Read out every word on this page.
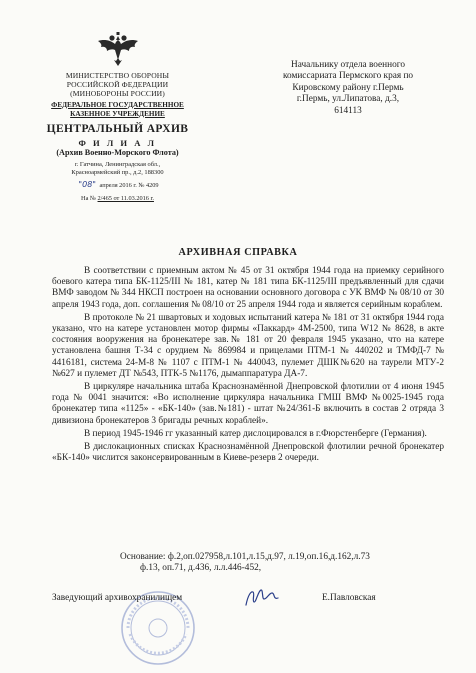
МИНИСТЕРСТВО ОБОРОНЫ
РОССИЙСКОЙ ФЕДЕРАЦИИ
(МИНОБОРОНЫ РОССИИ)
ФЕДЕРАЛЬНОЕ ГОСУДАРСТВЕННОЕ
КАЗЕННОЕ УЧРЕЖДЕНИЕ
ЦЕНТРАЛЬНЫЙ АРХИВ
Ф И Л И А Л
(Архив Военно-Морского Флота)
г. Гатчина, Ленинградская обл.,
Красноармейский пр., д.2, 188300
"08" апреля 2016 г. № 4209
На № 2/465 от 11.03.2016 г.
Начальнику отдела военного
комиссариата Пермского края по
Кировскому району г.Пермь
г.Пермь, ул.Липатова, д.3,
614113
АРХИВНАЯ СПРАВКА

В соответствии с приемным актом № 45 от 31 октября 1944 года на приемку серийного боевого катера типа БК-1125/III № 181, катер № 181 типа БК-1125/III предъявленный для сдачи ВМФ заводом № 344 НКСП построен на основании основного договора с УК ВМФ № 08/10 от 30 апреля 1943 года, доп. соглашения № 08/10 от 25 апреля 1944 года и является серийным кораблем.

В протоколе № 21 швартовых и ходовых испытаний катера № 181 от 31 октября 1944 года указано, что на катере установлен мотор фирмы «Паккард» 4М-2500, типа W12 № 8628, в акте состояния вооружения на бронекатере зав.№ 181 от 20 февраля 1945 указано, что на катере установлена башня Т-34 с орудием № 869984 и прицелами ПТМ-1 № 440202 и ТМФД-7 № 4416181, система 24-М-8 № 1107 с ПТМ-1 № 440043, пулемет ДШК№620 на таурели МТУ-2 №627 и пулемет ДТ №543, ПТК-5 №1176, дымаппаратура ДА-7.

В циркуляре начальника штаба Краснознамённой Днепровской флотилии от 4 июня 1945 года № 0041 значится: «Во исполнение циркуляра начальника ГМШ ВМФ №0025-1945 года бронекатер типа «1125» - «БК-140» (зав.№181) - штат №24/361-Б включить в состав 2 отряда 3 дивизиона бронекатеров 3 бригады речных кораблей».

В период 1945-1946 гг указанный катер дислоцировался в г.Фюрстенберге (Германия).

В дислокационных списках Краснознамённой Днепровской флотилии речной бронекатер «БК-140» числится законсервированным в Киеве-резерв 2 очереди.

Основание: ф.2,оп.027958,л.101,л.15,д.97, л.19,оп.16,д.162,л.73
ф.13, оп.71, д.436, л.л.446-452,
Заведующий архивохранилищем	Е.Павловская
